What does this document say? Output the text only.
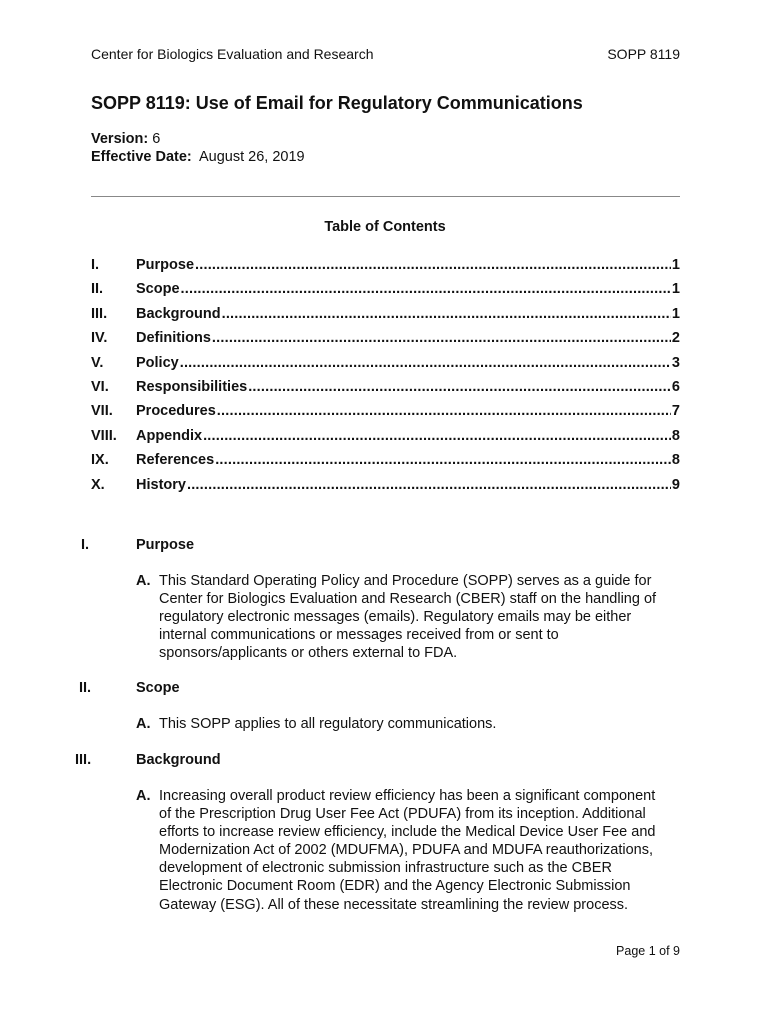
Center for Biologics Evaluation and Research	SOPP 8119
SOPP 8119: Use of Email for Regulatory Communications
Version: 6
Effective Date: August 26, 2019
Table of Contents
I.	Purpose .....	1
II.	Scope .....	1
III.	Background .....	1
IV.	Definitions .....	2
V.	Policy .....	3
VI.	Responsibilities .....	6
VII.	Procedures .....	7
VIII.	Appendix .....	8
IX.	References .....	8
X.	History .....	9
I.	Purpose
A. This Standard Operating Policy and Procedure (SOPP) serves as a guide for
Center for Biologics Evaluation and Research (CBER) staff on the handling of
regulatory electronic messages (emails). Regulatory emails may be either
internal communications or messages received from or sent to
sponsors/applicants or others external to FDA.
II.	Scope
A. This SOPP applies to all regulatory communications.
III.	Background
A. Increasing overall product review efficiency has been a significant component
of the Prescription Drug User Fee Act (PDUFA) from its inception. Additional
efforts to increase review efficiency, include the Medical Device User Fee and
Modernization Act of 2002 (MDUFMA), PDUFA and MDUFA reauthorizations,
development of electronic submission infrastructure such as the CBER
Electronic Document Room (EDR) and the Agency Electronic Submission
Gateway (ESG). All of these necessitate streamlining the review process.
Page 1 of 9
